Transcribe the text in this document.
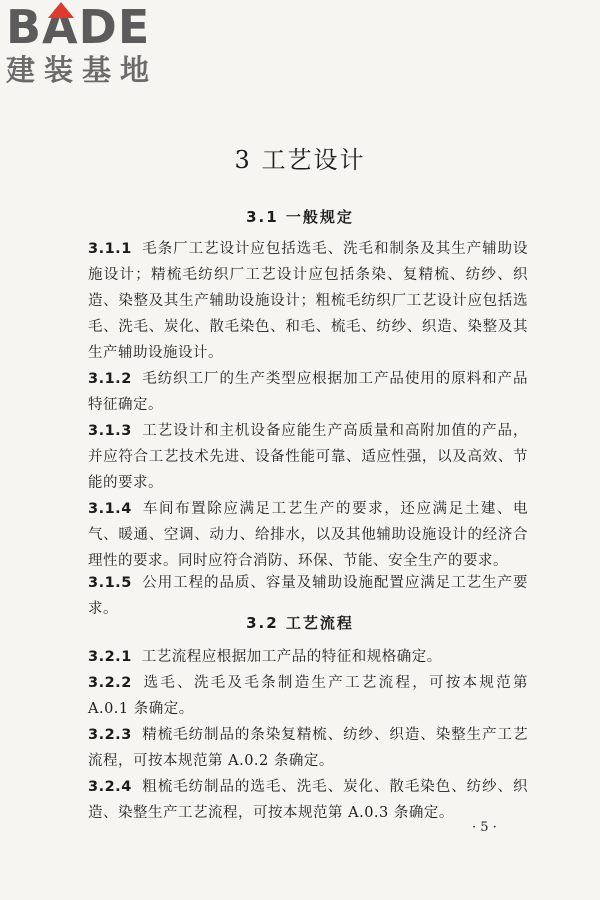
BADE
建装基地
3 工艺设计
3.1 一般规定
3.1.1 毛条厂工艺设计应包括选毛、洗毛和制条及其生产辅助设施设计；精梳毛纺织厂工艺设计应包括条染、复精梳、纺纱、织造、染整及其生产辅助设施设计；粗梳毛纺织厂工艺设计应包括选毛、洗毛、炭化、散毛染色、和毛、梳毛、纺纱、织造、染整及其生产辅助设施设计。
3.1.2 毛纺织工厂的生产类型应根据加工产品使用的原料和产品特征确定。
3.1.3 工艺设计和主机设备应能生产高质量和高附加值的产品，并应符合工艺技术先进、设备性能可靠、适应性强，以及高效、节能的要求。
3.1.4 车间布置除应满足工艺生产的要求，还应满足土建、电气、暖通、空调、动力、给排水，以及其他辅助设施设计的经济合理性的要求。同时应符合消防、环保、节能、安全生产的要求。
3.1.5 公用工程的品质、容量及辅助设施配置应满足工艺生产要求。
3.2 工艺流程
3.2.1 工艺流程应根据加工产品的特征和规格确定。
3.2.2 选毛、洗毛及毛条制造生产工艺流程，可按本规范第 A.0.1 条确定。
3.2.3 精梳毛纺制品的条染复精梳、纺纱、织造、染整生产工艺流程，可按本规范第 A.0.2 条确定。
3.2.4 粗梳毛纺制品的选毛、洗毛、炭化、散毛染色、纺纱、织造、染整生产工艺流程，可按本规范第 A.0.3 条确定。
· 5 ·
